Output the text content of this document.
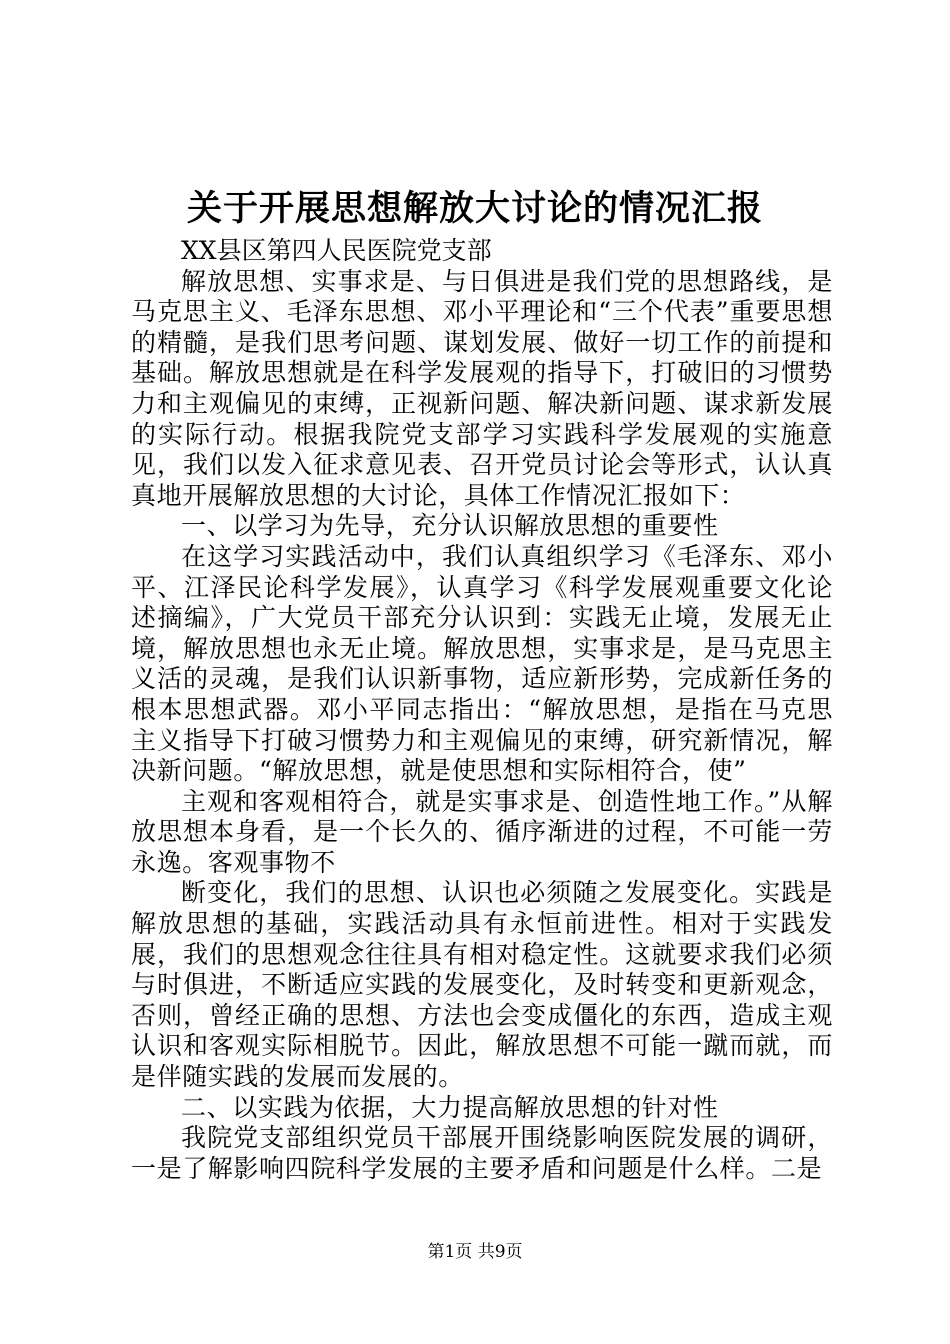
关于开展思想解放大讨论的情况汇报

XX县区第四人民医院党支部

解放思想、实事求是、与日俱进是我们党的思想路线，是马克思主义、毛泽东思想、邓小平理论和“三个代表”重要思想的精髓，是我们思考问题、谋划发展、做好一切工作的前提和基础。解放思想就是在科学发展观的指导下，打破旧的习惯势力和主观偏见的束缚，正视新问题、解决新问题、谋求新发展的实际行动。根据我院党支部学习实践科学发展观的实施意见，我们以发入征求意见表、召开党员讨论会等形式，认认真真地开展解放思想的大讨论，具体工作情况汇报如下：

一、以学习为先导，充分认识解放思想的重要性

在这学习实践活动中，我们认真组织学习《毛泽东、邓小平、江泽民论科学发展》，认真学习《科学发展观重要文化论述摘编》，广大党员干部充分认识到：实践无止境，发展无止境，解放思想也永无止境。解放思想，实事求是，是马克思主义活的灵魂，是我们认识新事物，适应新形势，完成新任务的根本思想武器。邓小平同志指出：“解放思想，是指在马克思主义指导下打破习惯势力和主观偏见的束缚，研究新情况，解决新问题。“解放思想，就是使思想和实际相符合，使”

主观和客观相符合，就是实事求是、创造性地工作。”从解放思想本身看，是一个长久的、循序渐进的过程，不可能一劳永逸。客观事物不

断变化，我们的思想、认识也必须随之发展变化。实践是解放思想的基础，实践活动具有永恒前进性。相对于实践发展，我们的思想观念往往具有相对稳定性。这就要求我们必须与时俱进，不断适应实践的发展变化，及时转变和更新观念，否则，曾经正确的思想、方法也会变成僵化的东西，造成主观认识和客观实际相脱节。因此，解放思想不可能一蹴而就，而是伴随实践的发展而发展的。

二、以实践为依据，大力提高解放思想的针对性

我院党支部组织党员干部展开围绕影响医院发展的调研，一是了解影响四院科学发展的主要矛盾和问题是什么样。二是

第1页 共9页
